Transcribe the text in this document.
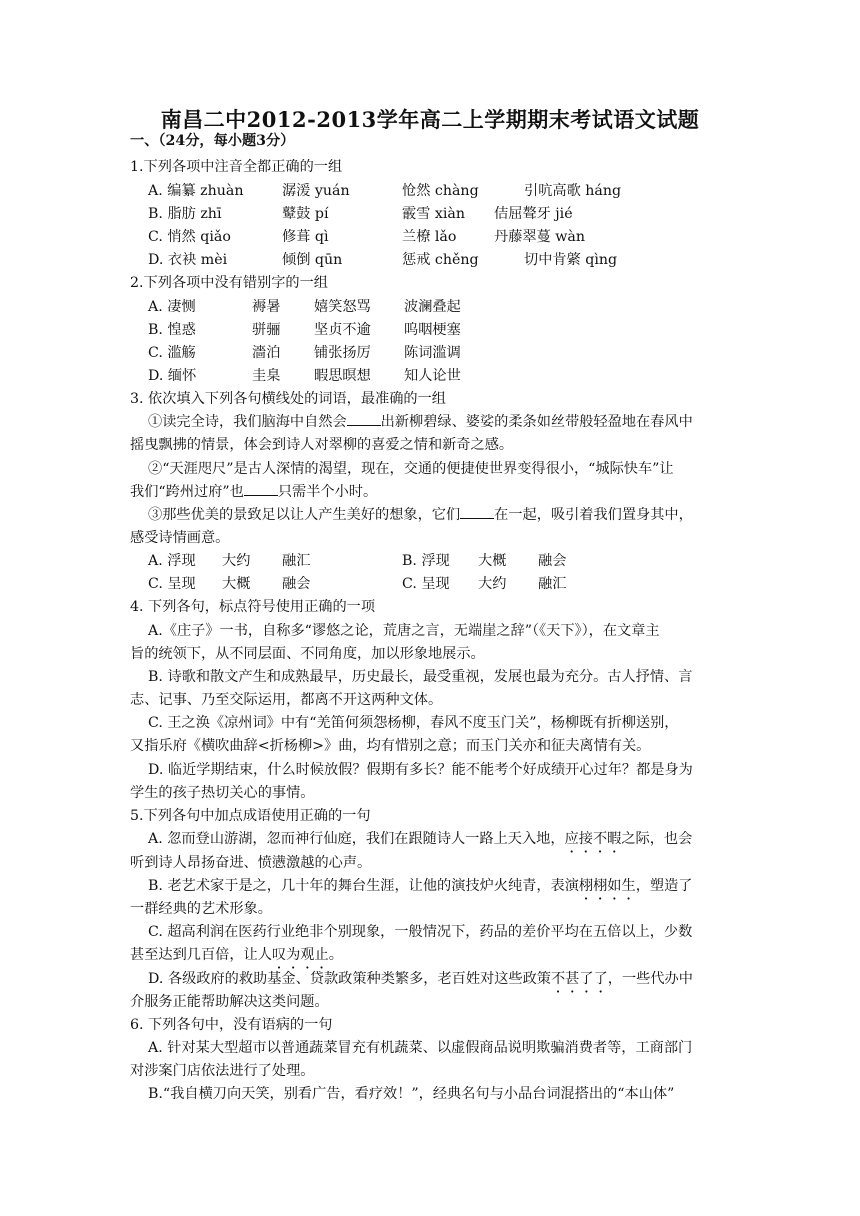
南昌二中2012-2013学年高二上学期期末考试语文试题
一、（24分，每小题3分）
1.下列各项中注音全都正确的一组
A. 编纂 zhuàn	潺湲 yuán	怆然 chàng	引吭高歌 háng
B. 脂肪 zhī	鼙鼓 pí	霰雪 xiàn 佶屈聱牙 jié
C. 悄然 qiǎo	修葺 qì	兰橑 lǎo	丹藤翠蔓 wàn
D. 衣袂 mèi	倾倒 qūn	惩戒 chěng	切中肯綮 qìng
2.下列各项中没有错别字的一组
A. 凄恻	褥暑 嬉笑怒骂 波澜叠起
B. 惶惑	骈骊 坚贞不逾 呜咽梗塞
C. 滥觞	濇泊 铺张扬厉 陈词滥调
D. 缅怀	圭臬 暇思暝想 知人论世
3. 依次填入下列各句横线处的词语，最准确的一组
①读完全诗，我们脑海中自然会 出新柳碧绿、婆娑的柔条如丝带般轻盈地在春风中
摇曳飘拂的情景，体会到诗人对翠柳的喜爱之情和新奇之感。
②“天涯咫尺”是古人深情的渴望，现在，交通的便捷使世界变得很小，“城际快车”让
我们“跨州过府”也 只需半个小时。
③那些优美的景致足以让人产生美好的想象，它们 在一起，吸引着我们置身其中，
感受诗情画意。
A. 浮现 大约 融汇	B. 浮现 大概 融会
C. 呈现 大概 融会	C. 呈现 大约 融汇
4. 下列各句，标点符号使用正确的一项
A.《庄子》一书，自称多“谬悠之论，荒唐之言，无端崖之辞”（《天下》），在文章主
旨的统领下，从不同层面、不同角度，加以形象地展示。
B. 诗歌和散文产生和成熟最早，历史最长，最受重视，发展也最为充分。古人抒情、言
志、记事、乃至交际运用，都离不开这两种文体。
C. 王之涣《凉州词》中有“羌笛何须怨杨柳，春风不度玉门关”，杨柳既有折柳送别，
又指乐府《横吹曲辞<折杨柳>》曲，均有惜别之意；而玉门关亦和征夫离情有关。
D. 临近学期结束，什么时候放假？假期有多长？能不能考个好成绩开心过年？都是身为
学生的孩子热切关心的事情。
5.下列各句中加点成语使用正确的一句
A. 忽而登山游湖，忽而神行仙庭，我们在跟随诗人一路上天入地，应接不暇之际，也会
听到诗人昂扬奋进、愤懑激越的心声。
B. 老艺术家于是之，几十年的舞台生涯，让他的演技炉火纯青，表演栩栩如生，塑造了
一群经典的艺术形象。
C. 超高利润在医药行业绝非个别现象，一般情况下，药品的差价平均在五倍以上，少数
甚至达到几百倍，让人叹为观止。
D. 各级政府的救助基金、贷款政策种类繁多，老百姓对这些政策不甚了了，一些代办中
介服务正能帮助解决这类问题。
6. 下列各句中，没有语病的一句
A. 针对某大型超市以普通蔬菜冒充有机蔬菜、以虚假商品说明欺骗消费者等，工商部门
对涉案门店依法进行了处理。
B.“我自横刀向天笑，别看广告，看疗效！”，经典名句与小品台词混搭出的“本山体”
